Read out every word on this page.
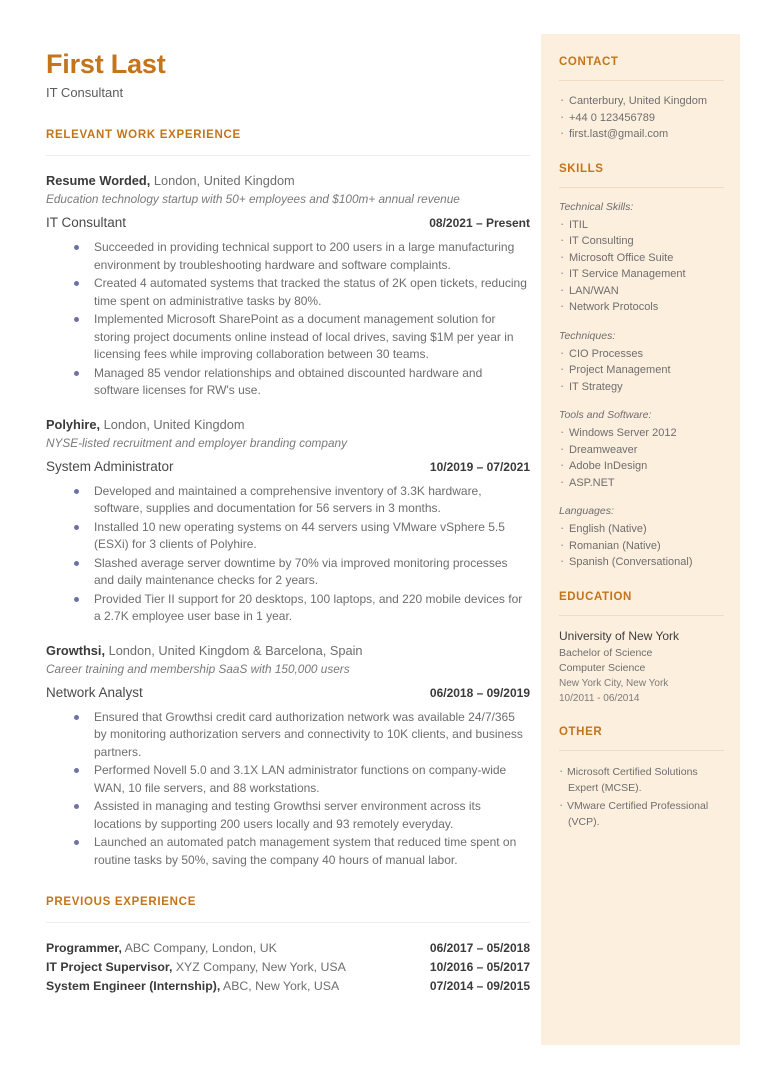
First Last

IT Consultant

RELEVANT WORK EXPERIENCE
Resume Worded, London, United Kingdom
Education technology startup with 50+ employees and $100m+ annual revenue
IT Consultant	08/2021 – Present
Succeeded in providing technical support to 200 users in a large manufacturing environment by troubleshooting hardware and software complaints.
Created 4 automated systems that tracked the status of 2K open tickets, reducing time spent on administrative tasks by 80%.
Implemented Microsoft SharePoint as a document management solution for storing project documents online instead of local drives, saving $1M per year in licensing fees while improving collaboration between 30 teams.
Managed 85 vendor relationships and obtained discounted hardware and software licenses for RW's use.
Polyhire, London, United Kingdom
NYSE-listed recruitment and employer branding company
System Administrator	10/2019 – 07/2021
Developed and maintained a comprehensive inventory of 3.3K hardware, software, supplies and documentation for 56 servers in 3 months.
Installed 10 new operating systems on 44 servers using VMware vSphere 5.5 (ESXi) for 3 clients of Polyhire.
Slashed average server downtime by 70% via improved monitoring processes and daily maintenance checks for 2 years.
Provided Tier II support for 20 desktops, 100 laptops, and 220 mobile devices for a 2.7K employee user base in 1 year.
Growthsi, London, United Kingdom & Barcelona, Spain
Career training and membership SaaS with 150,000 users
Network Analyst	06/2018 – 09/2019
Ensured that Growthsi credit card authorization network was available 24/7/365 by monitoring authorization servers and connectivity to 10K clients, and business partners.
Performed Novell 5.0 and 3.1X LAN administrator functions on company-wide WAN, 10 file servers, and 88 workstations.
Assisted in managing and testing Growthsi server environment across its locations by supporting 200 users locally and 93 remotely everyday.
Launched an automated patch management system that reduced time spent on routine tasks by 50%, saving the company 40 hours of manual labor.
PREVIOUS EXPERIENCE
Programmer, ABC Company, London, UK	06/2017 – 05/2018
IT Project Supervisor, XYZ Company, New York, USA	10/2016 – 05/2017
System Engineer (Internship), ABC, New York, USA	07/2014 – 09/2015
CONTACT
· Canterbury, United Kingdom
· +44 0 123456789
· first.last@gmail.com
SKILLS
Technical Skills:
· ITIL
· IT Consulting
· Microsoft Office Suite
· IT Service Management
· LAN/WAN
· Network Protocols
Techniques:
· CIO Processes
· Project Management
· IT Strategy
Tools and Software:
· Windows Server 2012
· Dreamweaver
· Adobe InDesign
· ASP.NET
Languages:
· English (Native)
· Romanian (Native)
· Spanish (Conversational)
EDUCATION
University of New York
Bachelor of Science
Computer Science
New York City, New York
10/2011 - 06/2014
OTHER
· Microsoft Certified Solutions Expert (MCSE).
· VMware Certified Professional (VCP).
